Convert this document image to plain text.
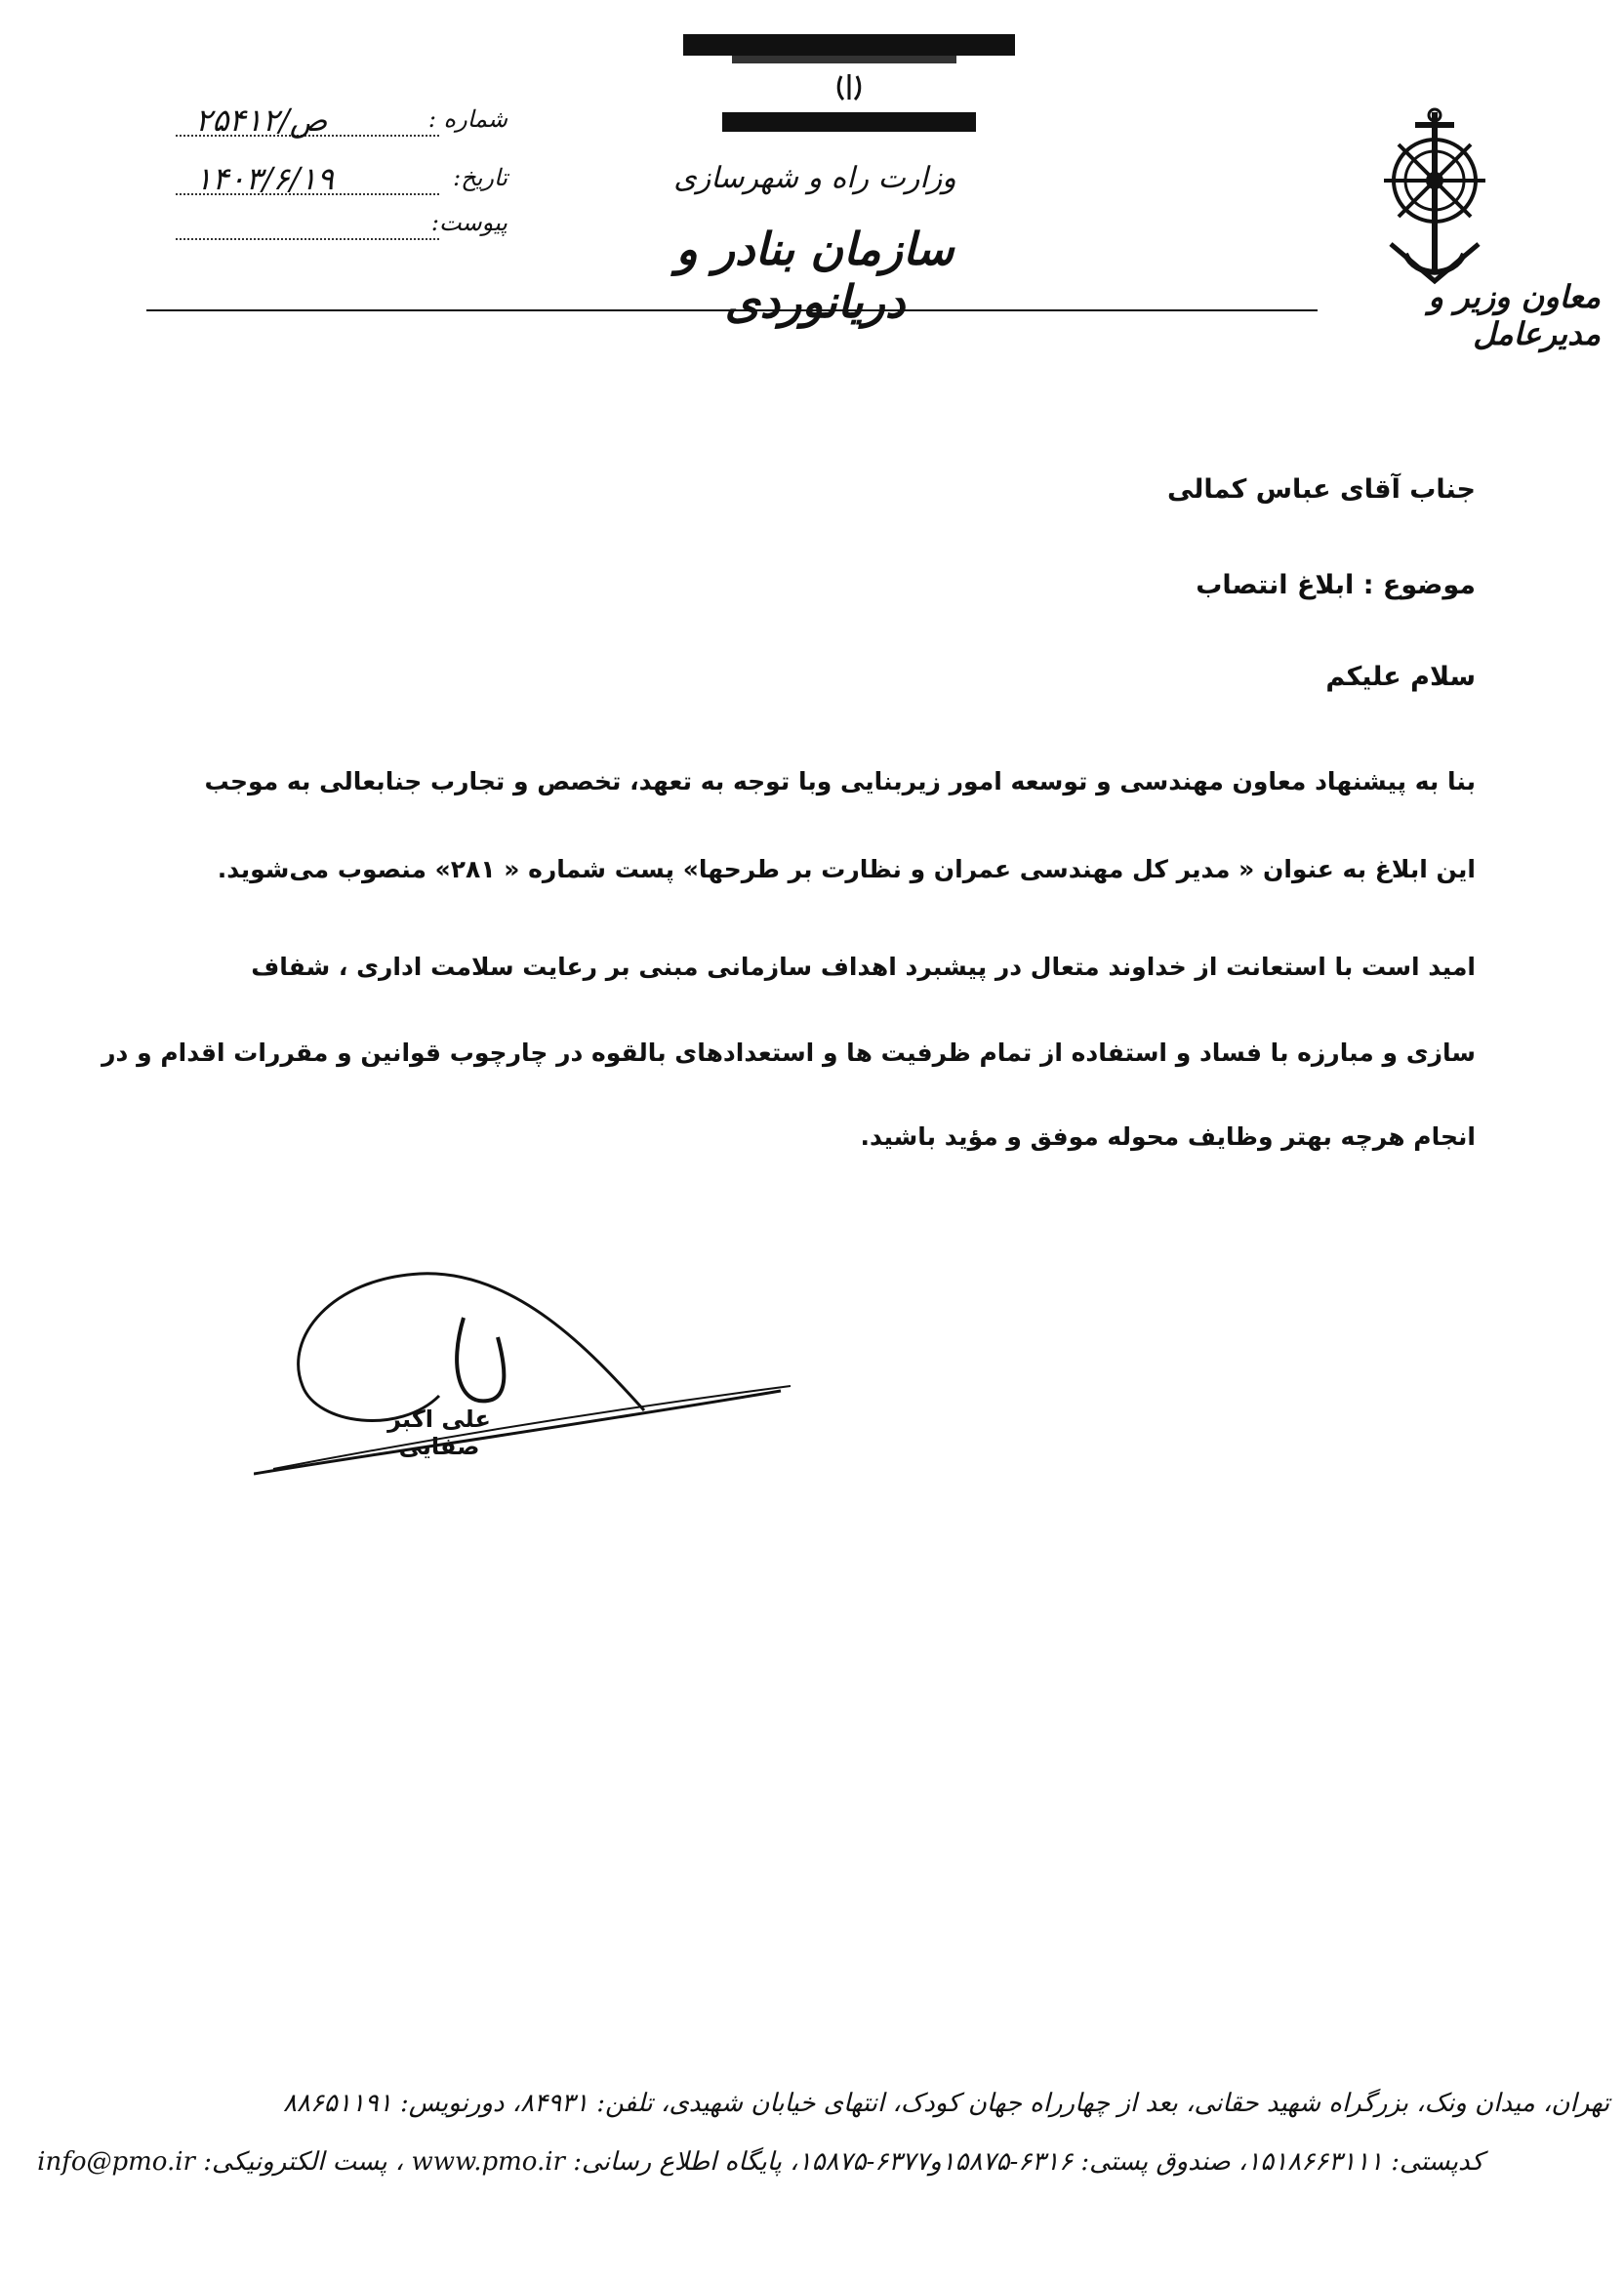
وزارت راه و شهرسازی
سازمان بنادر و دریانوردی	معاون وزیر و مدیرعامل
شماره :
۲۵۴۱۲/ص
تاریخ:
۱۴۰۳/۶/۱۹
پیوست:
جناب آقای عباس کمالی
موضوع : ابلاغ انتصاب
سلام علیکم
بنا به پیشنهاد معاون مهندسی و توسعه امور زیربنایی وبا توجه به تعهد، تخصص و تجارب جنابعالی به موجب
این ابلاغ به عنوان « مدیر کل مهندسی عمران و نظارت بر طرحها» پست شماره « ۲۸۱» منصوب می‌شوید.
امید است با استعانت از خداوند متعال در پیشبرد اهداف سازمانی مبنی بر رعایت سلامت اداری ، شفاف
سازی و مبارزه با فساد و استفاده از تمام ظرفیت ها و استعدادهای بالقوه در چارچوب قوانین و مقررات اقدام و در
انجام هرچه بهتر وظایف محوله موفق و مؤید باشید.
علی اکبر صفایی
تهران، میدان ونک، بزرگراه شهید حقانی، بعد از چهارراه جهان کودک، انتهای خیابان شهیدی، تلفن: ۸۴۹۳۱، دورنویس: ۸۸۶۵۱۱۹۱
کدپستی: ۱۵۱۸۶۶۳۱۱۱، صندوق پستی: ۶۳۱۶-۱۵۸۷۵و۶۳۷۷-۱۵۸۷۵، پایگاه اطلاع رسانی: www.pmo.ir ، پست الکترونیکی: info@pmo.ir
